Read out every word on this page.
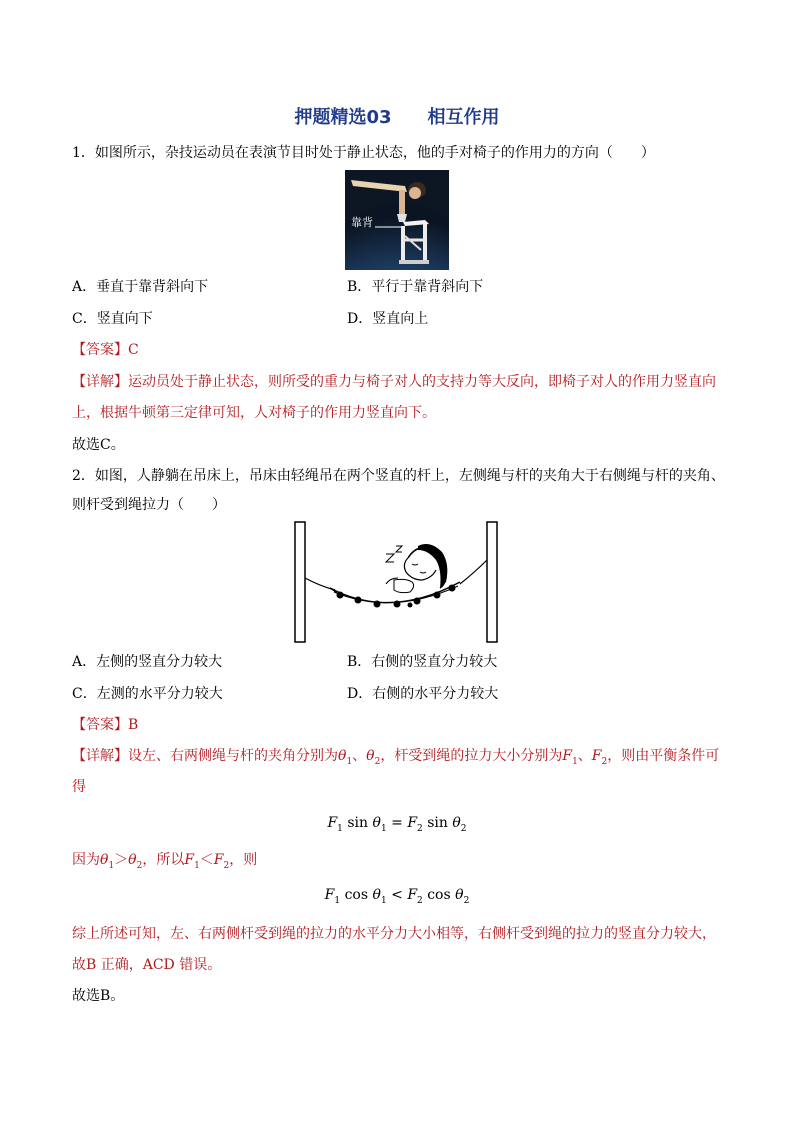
押题精选03　　相互作用
1．如图所示，杂技运动员在表演节目时处于静止状态，他的手对椅子的作用力的方向（　　）
靠背
A．垂直于靠背斜向下	B．平行于靠背斜向下
C．竖直向下	D．竖直向上
【答案】C
【详解】运动员处于静止状态，则所受的重力与椅子对人的支持力等大反向，即椅子对人的作用力竖直向
上，根据牛顿第三定律可知，人对椅子的作用力竖直向下。
故选C。
2．如图，人静躺在吊床上，吊床由轻绳吊在两个竖直的杆上，左侧绳与杆的夹角大于右侧绳与杆的夹角、
则杆受到绳拉力（　　）
A．左侧的竖直分力较大	B．右侧的竖直分力较大
C．左测的水平分力较大	D．右侧的水平分力较大
【答案】B
【详解】设左、右两侧绳与杆的夹角分别为$\theta_1$、$\theta_2$，杆受到绳的拉力大小分别为$F_1$、$F_2$，则由平衡条件可
得
$F_1$ $\sin \theta_1 = F_2$ $\sin \theta_2$
因为$\theta_1>\theta_2$，所以$F_1<F_2$，则
$F_1$ $\cos \theta_1 < F_2$ $\cos \theta_2$
综上所述可知，左、右两侧杆受到绳的拉力的水平分力大小相等，右侧杆受到绳的拉力的竖直分力较大，
故B 正确，ACD 错误。
故选B。
